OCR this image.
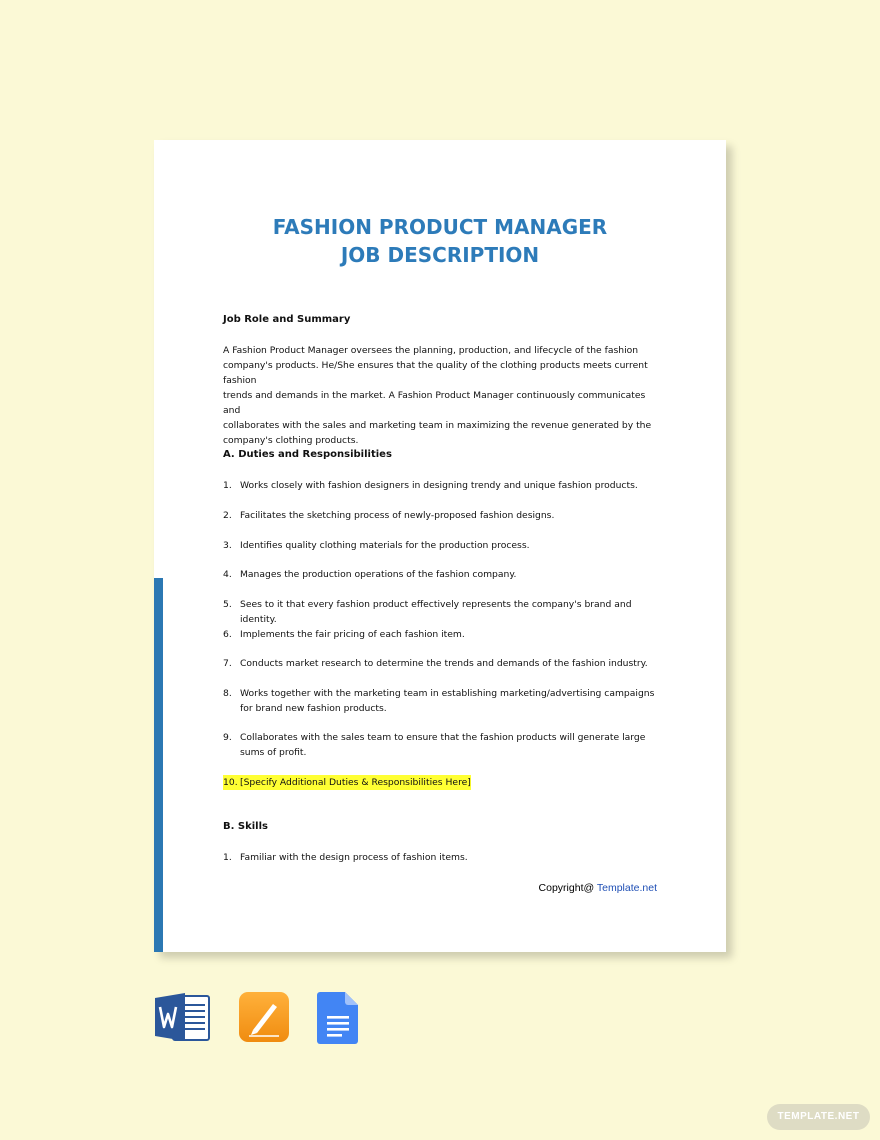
FASHION PRODUCT MANAGER
JOB DESCRIPTION
Job Role and Summary
A Fashion Product Manager oversees the planning, production, and lifecycle of the fashion
company's products. He/She ensures that the quality of the clothing products meets current fashion
trends and demands in the market. A Fashion Product Manager continuously communicates and
collaborates with the sales and marketing team in maximizing the revenue generated by the
company's clothing products.
A. Duties and Responsibilities
1. Works closely with fashion designers in designing trendy and unique fashion products.
2. Facilitates the sketching process of newly-proposed fashion designs.
3. Identifies quality clothing materials for the production process.
4. Manages the production operations of the fashion company.
5. Sees to it that every fashion product effectively represents the company's brand and identity.
6. Implements the fair pricing of each fashion item.
7. Conducts market research to determine the trends and demands of the fashion industry.
8. Works together with the marketing team in establishing marketing/advertising campaigns for brand new fashion products.
9. Collaborates with the sales team to ensure that the fashion products will generate large sums of profit.
10. [Specify Additional Duties & Responsibilities Here]
B. Skills
1. Familiar with the design process of fashion items.
Copyright@ Template.net
TEMPLATE.NET
